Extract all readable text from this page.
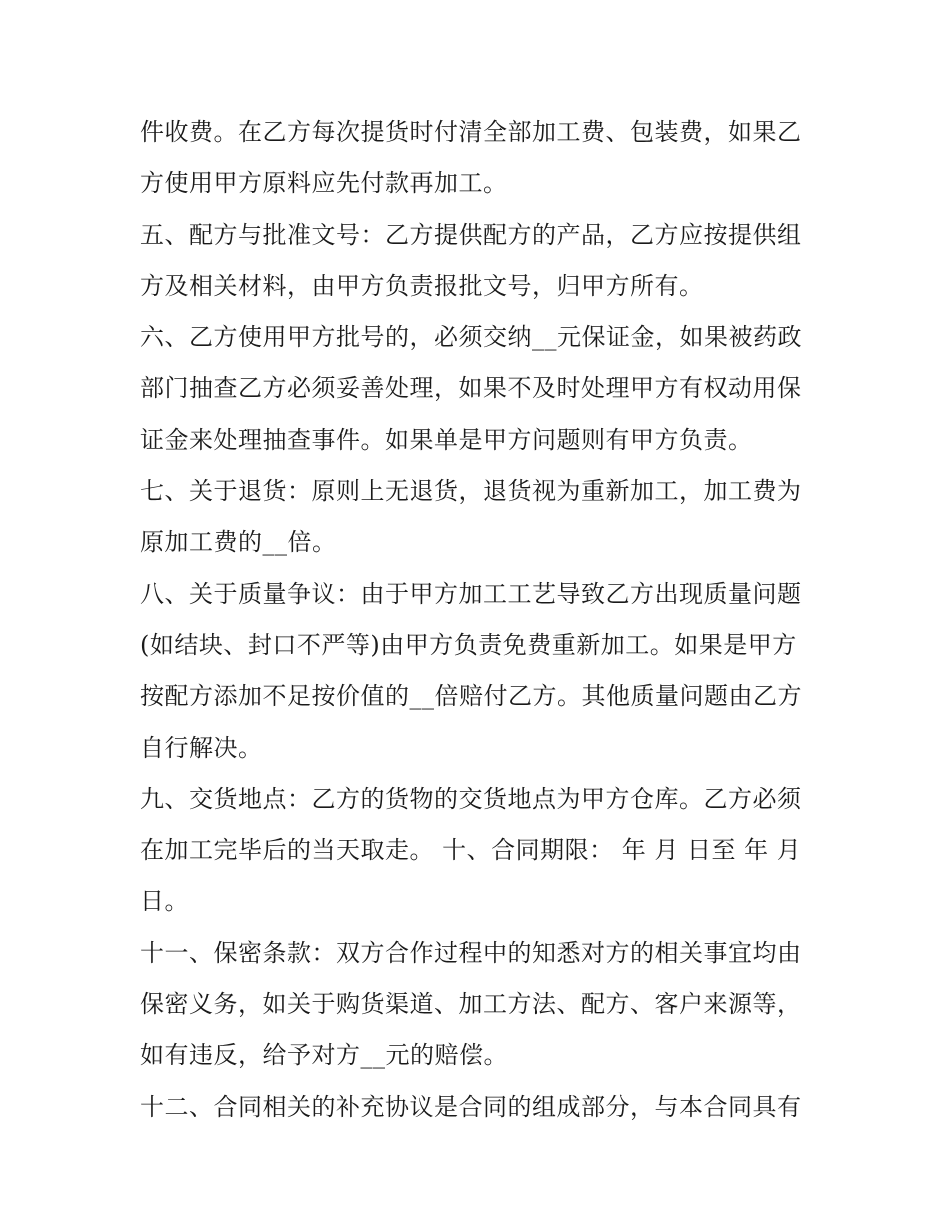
件收费。在乙方每次提货时付清全部加工费、包装费，如果乙
方使用甲方原料应先付款再加工。
五、配方与批准文号：乙方提供配方的产品，乙方应按提供组
方及相关材料，由甲方负责报批文号，归甲方所有。
六、乙方使用甲方批号的，必须交纳__元保证金，如果被药政
部门抽查乙方必须妥善处理，如果不及时处理甲方有权动用保
证金来处理抽查事件。如果单是甲方问题则有甲方负责。
七、关于退货：原则上无退货，退货视为重新加工，加工费为
原加工费的__倍。
八、关于质量争议：由于甲方加工工艺导致乙方出现质量问题
(如结块、封口不严等)由甲方负责免费重新加工。如果是甲方
按配方添加不足按价值的__倍赔付乙方。其他质量问题由乙方
自行解决。
九、交货地点：乙方的货物的交货地点为甲方仓库。乙方必须
在加工完毕后的当天取走。 十、合同期限： 年 月 日至 年 月
日。
十一、保密条款：双方合作过程中的知悉对方的相关事宜均由
保密义务，如关于购货渠道、加工方法、配方、客户来源等，
如有违反，给予对方__元的赔偿。
十二、合同相关的补充协议是合同的组成部分，与本合同具有
